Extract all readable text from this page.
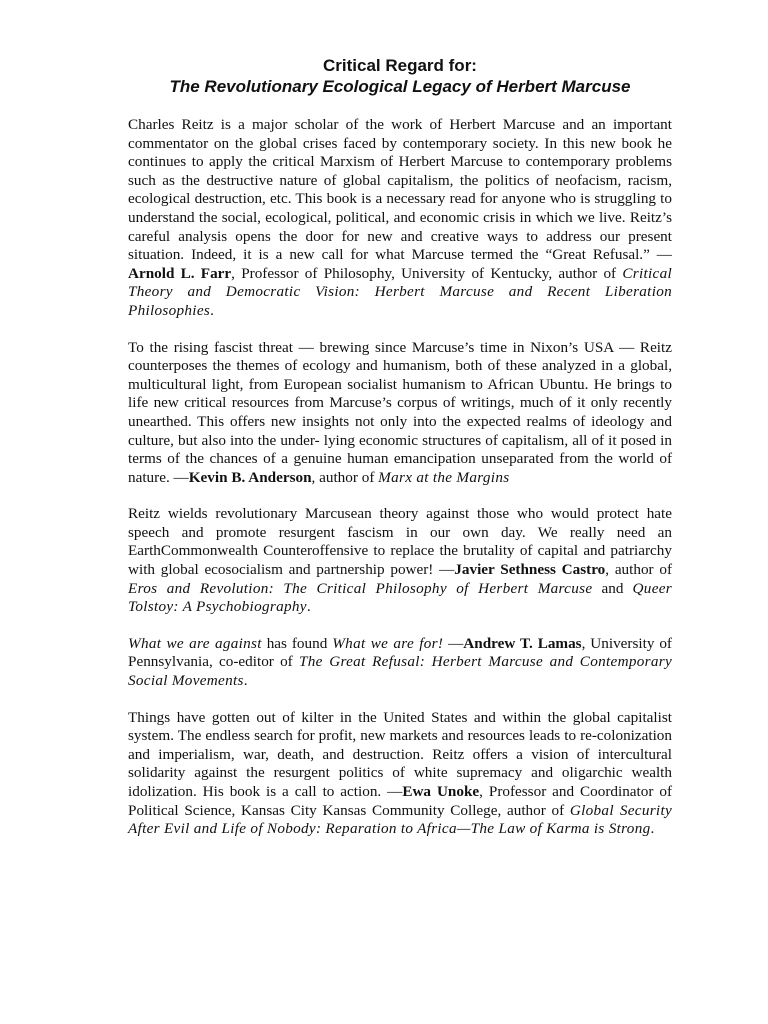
Critical Regard for:
The Revolutionary Ecological Legacy of Herbert Marcuse

Charles Reitz is a major scholar of the work of Herbert Marcuse and an important commentator on the global crises faced by contemporary society. In this new book he continues to apply the critical Marxism of Herbert Marcuse to contemporary problems such as the destructive nature of global capitalism, the politics of neofacism, racism, ecological destruction, etc. This book is a necessary read for anyone who is struggling to understand the social, ecological, political, and economic crisis in which we live. Reitz’s careful analysis opens the door for new and creative ways to address our present situation. Indeed, it is a new call for what Marcuse termed the “Great Refusal.” —Arnold L. Farr, Professor of Philosophy, University of Kentucky, author of Critical Theory and Democratic Vision: Herbert Marcuse and Recent Liberation Philosophies.

To the rising fascist threat — brewing since Marcuse’s time in Nixon’s USA — Reitz counterposes the themes of ecology and humanism, both of these analyzed in a global, multicultural light, from European socialist humanism to African Ubuntu. He brings to life new critical resources from Marcuse’s corpus of writings, much of it only recently unearthed. This offers new insights not only into the expected realms of ideology and culture, but also into the under- lying economic structures of capitalism, all of it posed in terms of the chances of a genuine human emancipation unseparated from the world of nature. —Kevin B. Anderson, author of Marx at the Margins

Reitz wields revolutionary Marcusean theory against those who would protect hate speech and promote resurgent fascism in our own day. We really need an EarthCommonwealth Counteroffensive to replace the brutality of capital and patriarchy with global ecosocialism and partnership power! —Javier Sethness Castro, author of Eros and Revolution: The Critical Philosophy of Herbert Marcuse and Queer Tolstoy: A Psychobiography.

What we are against has found What we are for! —Andrew T. Lamas, University of Pennsylvania, co-editor of The Great Refusal: Herbert Marcuse and Contemporary Social Movements.

Things have gotten out of kilter in the United States and within the global capitalist system. The endless search for profit, new markets and resources leads to re-colonization and imperialism, war, death, and destruction. Reitz offers a vision of intercultural solidarity against the resurgent politics of white supremacy and oligarchic wealth idolization. His book is a call to action. —Ewa Unoke, Professor and Coordinator of Political Science, Kansas City Kansas Community College, author of Global Security After Evil and Life of Nobody: Reparation to Africa—The Law of Karma is Strong.
